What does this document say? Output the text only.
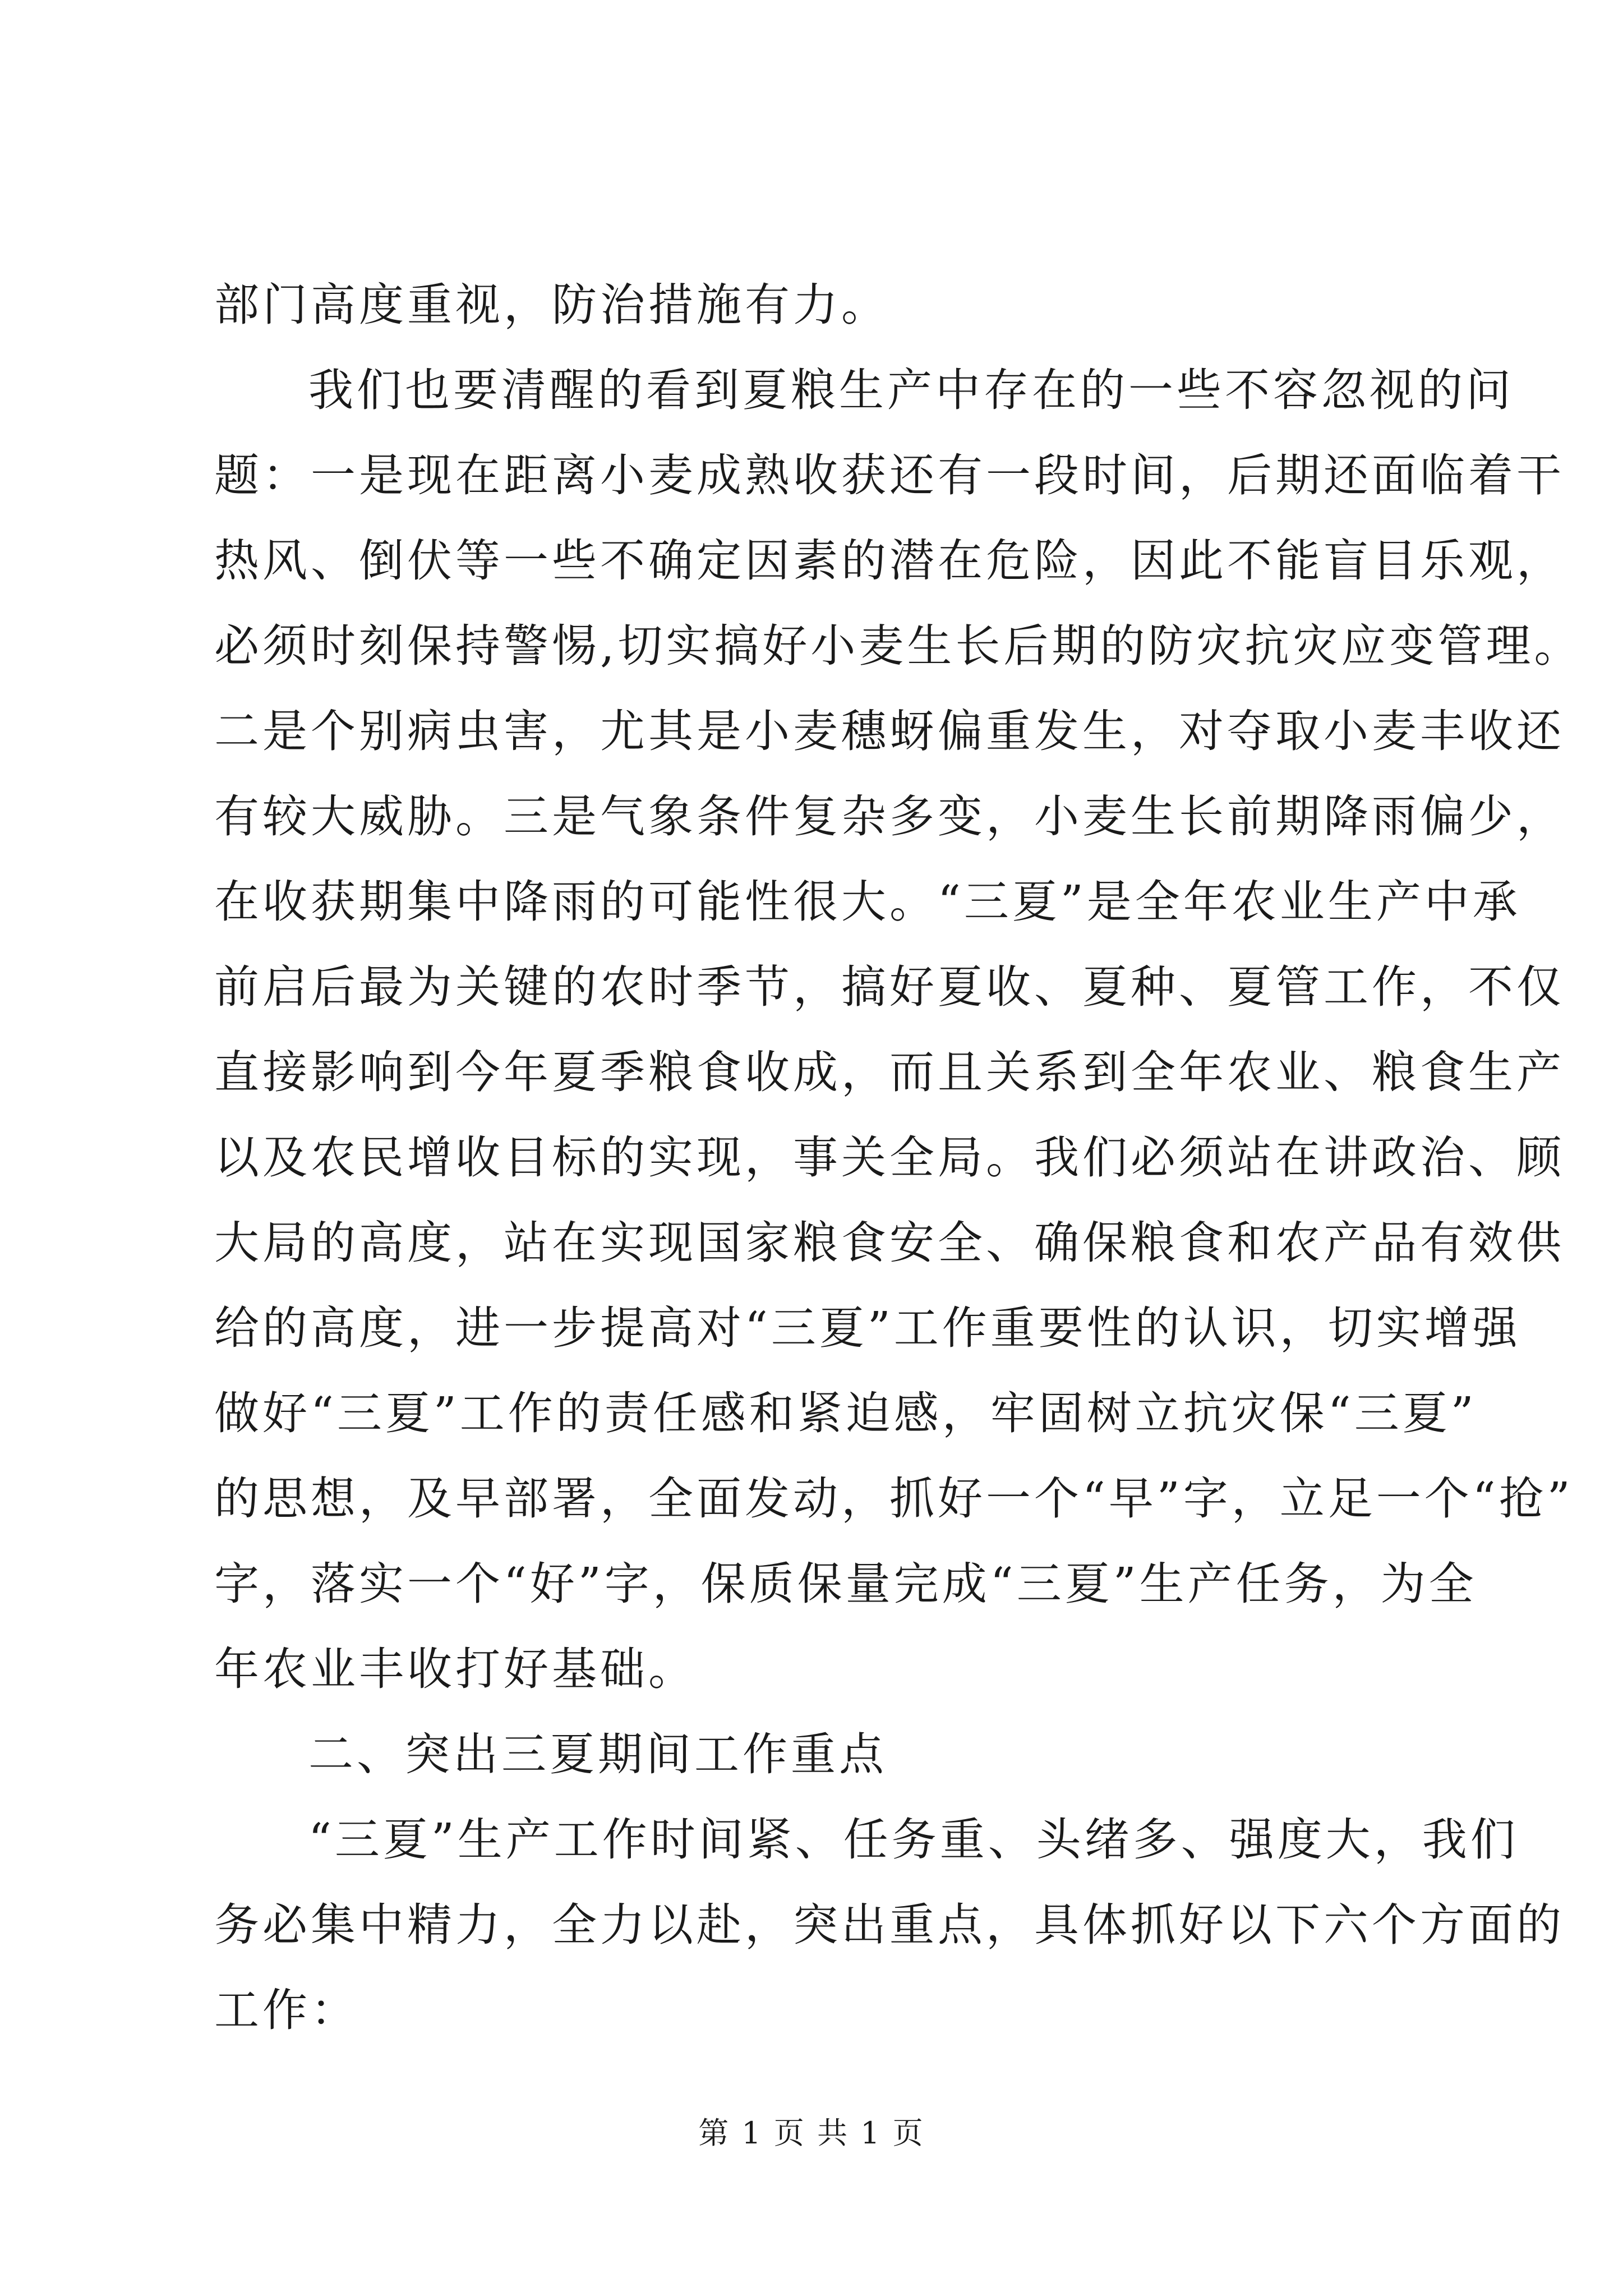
部门高度重视，防治措施有力。
我们也要清醒的看到夏粮生产中存在的一些不容忽视的问
题：一是现在距离小麦成熟收获还有一段时间，后期还面临着干
热风、倒伏等一些不确定因素的潜在危险，因此不能盲目乐观，
必须时刻保持警惕,切实搞好小麦生长后期的防灾抗灾应变管理。
二是个别病虫害，尤其是小麦穗蚜偏重发生，对夺取小麦丰收还
有较大威胁。三是气象条件复杂多变，小麦生长前期降雨偏少，
在收获期集中降雨的可能性很大。“三夏”是全年农业生产中承
前启后最为关键的农时季节，搞好夏收、夏种、夏管工作，不仅
直接影响到今年夏季粮食收成，而且关系到全年农业、粮食生产
以及农民增收目标的实现，事关全局。我们必须站在讲政治、顾
大局的高度，站在实现国家粮食安全、确保粮食和农产品有效供
给的高度，进一步提高对“三夏”工作重要性的认识，切实增强
做好“三夏”工作的责任感和紧迫感，牢固树立抗灾保“三夏”
的思想，及早部署，全面发动，抓好一个“早”字，立足一个“抢”
字，落实一个“好”字，保质保量完成“三夏”生产任务，为全
年农业丰收打好基础。
二、突出三夏期间工作重点
“三夏”生产工作时间紧、任务重、头绪多、强度大，我们
务必集中精力，全力以赴，突出重点，具体抓好以下六个方面的
工作：
第 1 页 共 1 页
